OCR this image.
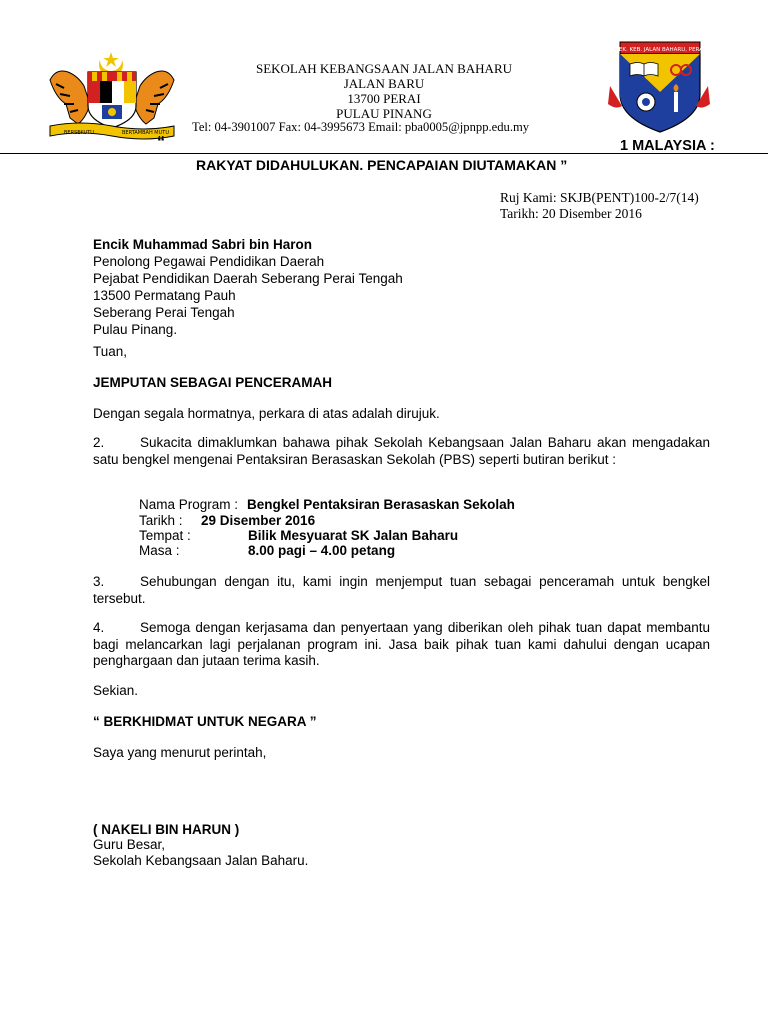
BERSEKUTU	BERTAMBAH MUTU
SEK. KEB. JALAN BAHARU, PERAI
SEKOLAH KEBANGSAAN JALAN BAHARU
JALAN BARU
13700 PERAI
PULAU PINANG
Tel: 04-3901007 Fax: 04-3995673 Email: pba0005@jpnpp.edu.my
“	1 MALAYSIA :
RAKYAT DIDAHULUKAN. PENCAPAIAN DIUTAMAKAN ”
Ruj Kami: SKJB(PENT)100-2/7(14)
Tarikh: 20 Disember 2016
Encik Muhammad Sabri bin Haron
Penolong Pegawai Pendidikan Daerah
Pejabat Pendidikan Daerah Seberang Perai Tengah
13500 Permatang Pauh
Seberang Perai Tengah
Pulau Pinang.
Tuan,
JEMPUTAN SEBAGAI PENCERAMAH
Dengan segala hormatnya, perkara di atas adalah dirujuk.
2.	Sukacita dimaklumkan bahawa pihak Sekolah Kebangsaan Jalan Baharu akan mengadakan satu bengkel mengenai Pentaksiran Berasaskan Sekolah (PBS) seperti butiran berikut :
Nama Program : Bengkel Pentaksiran Berasaskan Sekolah
Tarikh : 29 Disember 2016
Tempat :	Bilik Mesyuarat SK Jalan Baharu
Masa :	8.00 pagi – 4.00 petang
3.	Sehubungan dengan itu, kami ingin menjemput tuan sebagai penceramah untuk bengkel tersebut.
4.	Semoga dengan kerjasama dan penyertaan yang diberikan oleh pihak tuan dapat membantu bagi melancarkan lagi perjalanan program ini. Jasa baik pihak tuan kami dahului dengan ucapan penghargaan dan jutaan terima kasih.
Sekian.
“ BERKHIDMAT UNTUK NEGARA ”
Saya yang menurut perintah,
( NAKELI BIN HARUN )
Guru Besar,
Sekolah Kebangsaan Jalan Baharu.
